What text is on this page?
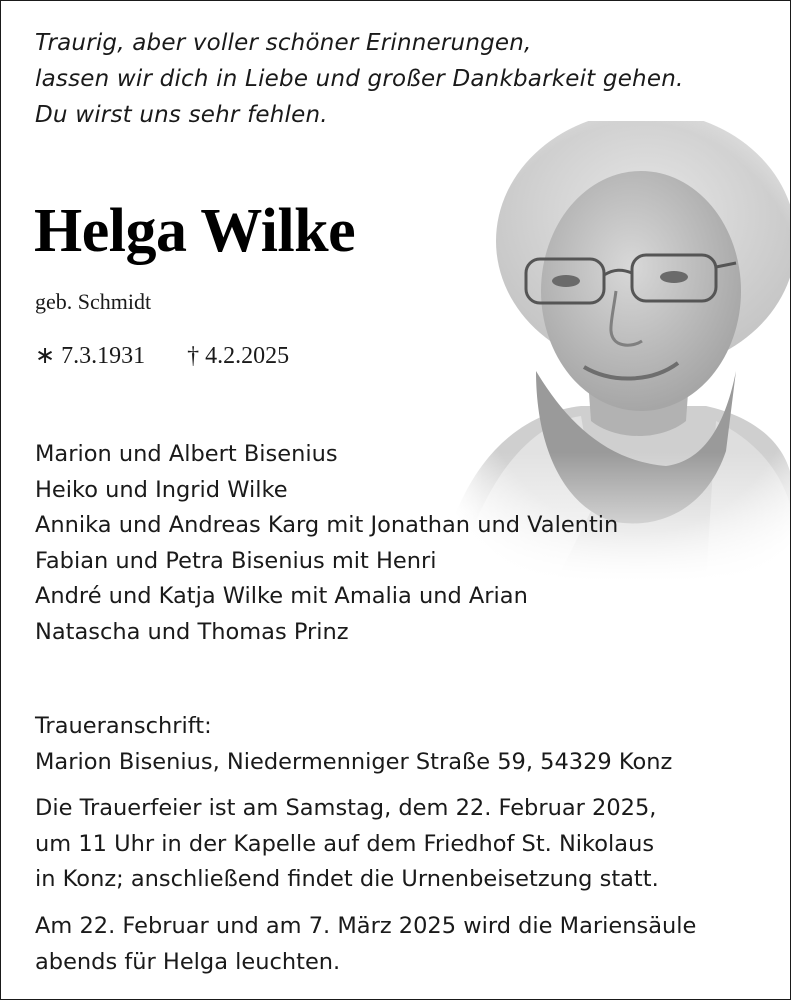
Traurig, aber voller schöner Erinnerungen,
lassen wir dich in Liebe und großer Dankbarkeit gehen.
Du wirst uns sehr fehlen.
Helga Wilke
geb. Schmidt
∗ 7.3.1931 † 4.2.2025
Marion und Albert Bisenius
Heiko und Ingrid Wilke
Annika und Andreas Karg mit Jonathan und Valentin
Fabian und Petra Bisenius mit Henri
André und Katja Wilke mit Amalia und Arian
Natascha und Thomas Prinz
Traueranschrift:
Marion Bisenius, Niedermenniger Straße 59, 54329 Konz
Die Trauerfeier ist am Samstag, dem 22. Februar 2025,
um 11 Uhr in der Kapelle auf dem Friedhof St. Nikolaus
in Konz; anschließend findet die Urnenbeisetzung statt.
Am 22. Februar und am 7. März 2025 wird die Mariensäule
abends für Helga leuchten.
